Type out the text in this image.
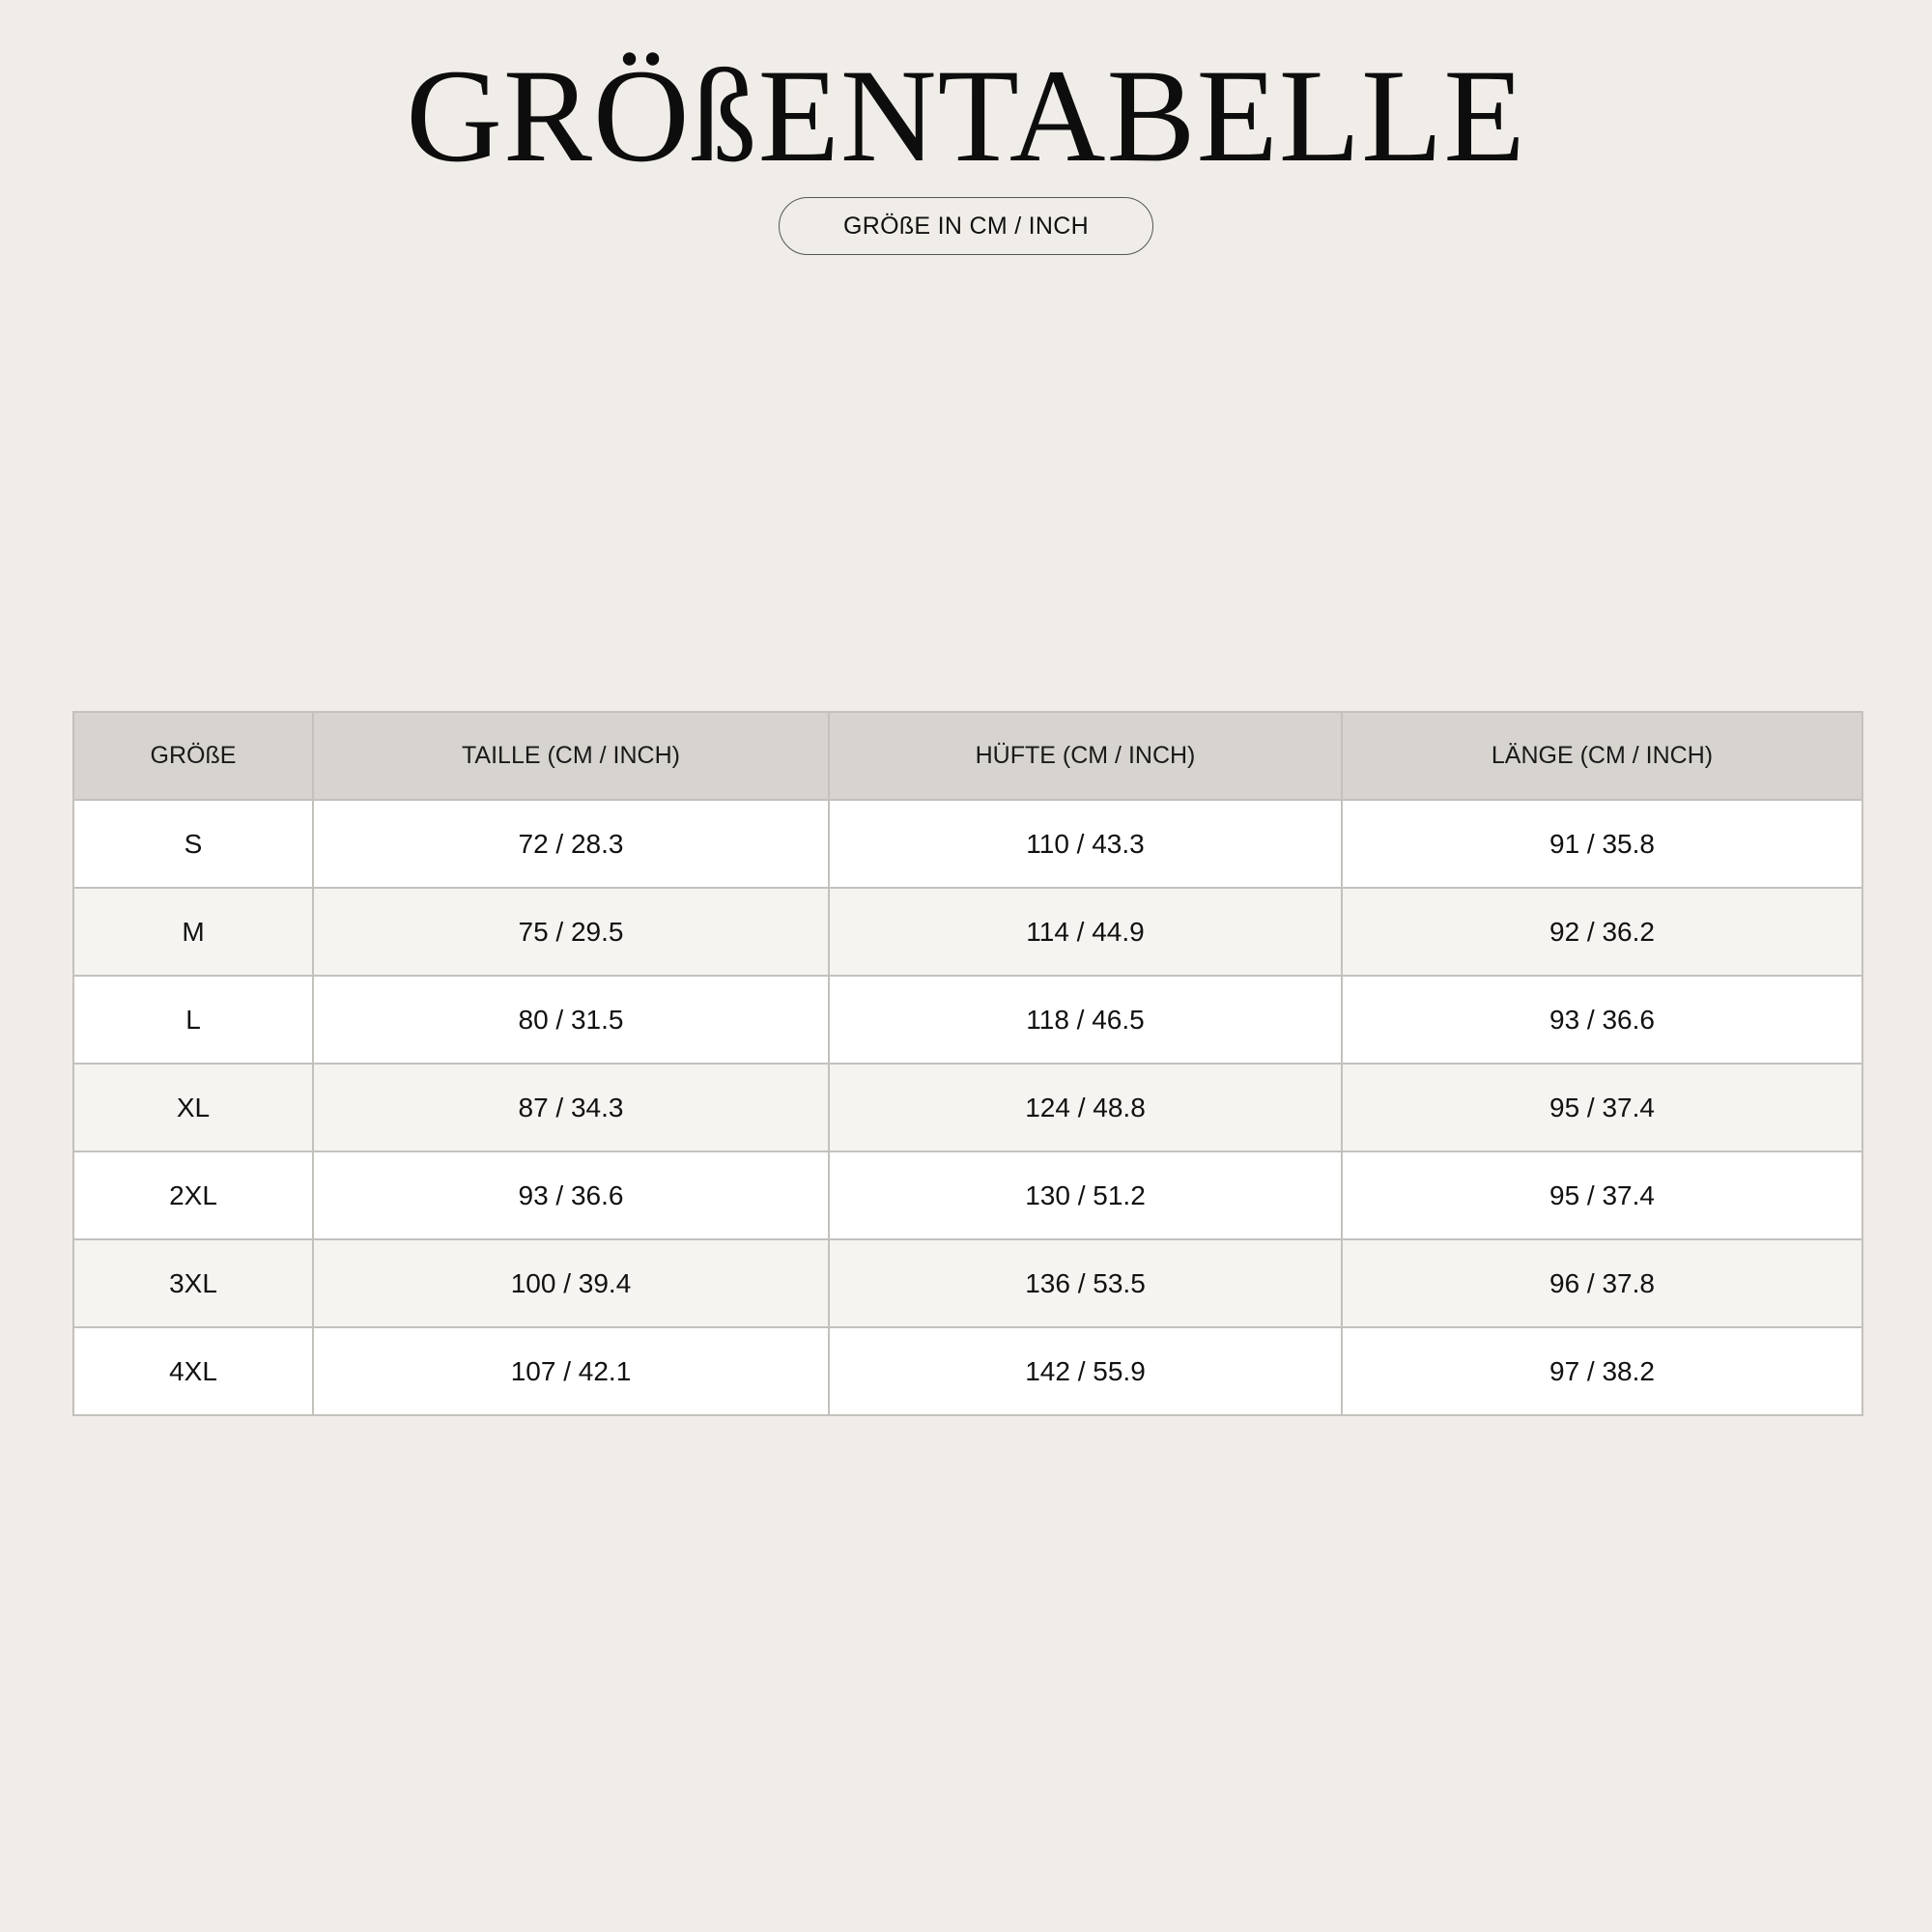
GRÖßENTABELLE
GRÖßE IN CM / INCH
GRÖßE	TAILLE (CM / INCH)	HÜFTE (CM / INCH)	LÄNGE (CM / INCH)
S	72 / 28.3	110 / 43.3	91 / 35.8
M	75 / 29.5	114 / 44.9	92 / 36.2
L	80 / 31.5	118 / 46.5	93 / 36.6
XL	87 / 34.3	124 / 48.8	95 / 37.4
2XL	93 / 36.6	130 / 51.2	95 / 37.4
3XL	100 / 39.4	136 / 53.5	96 / 37.8
4XL	107 / 42.1	142 / 55.9	97 / 38.2
